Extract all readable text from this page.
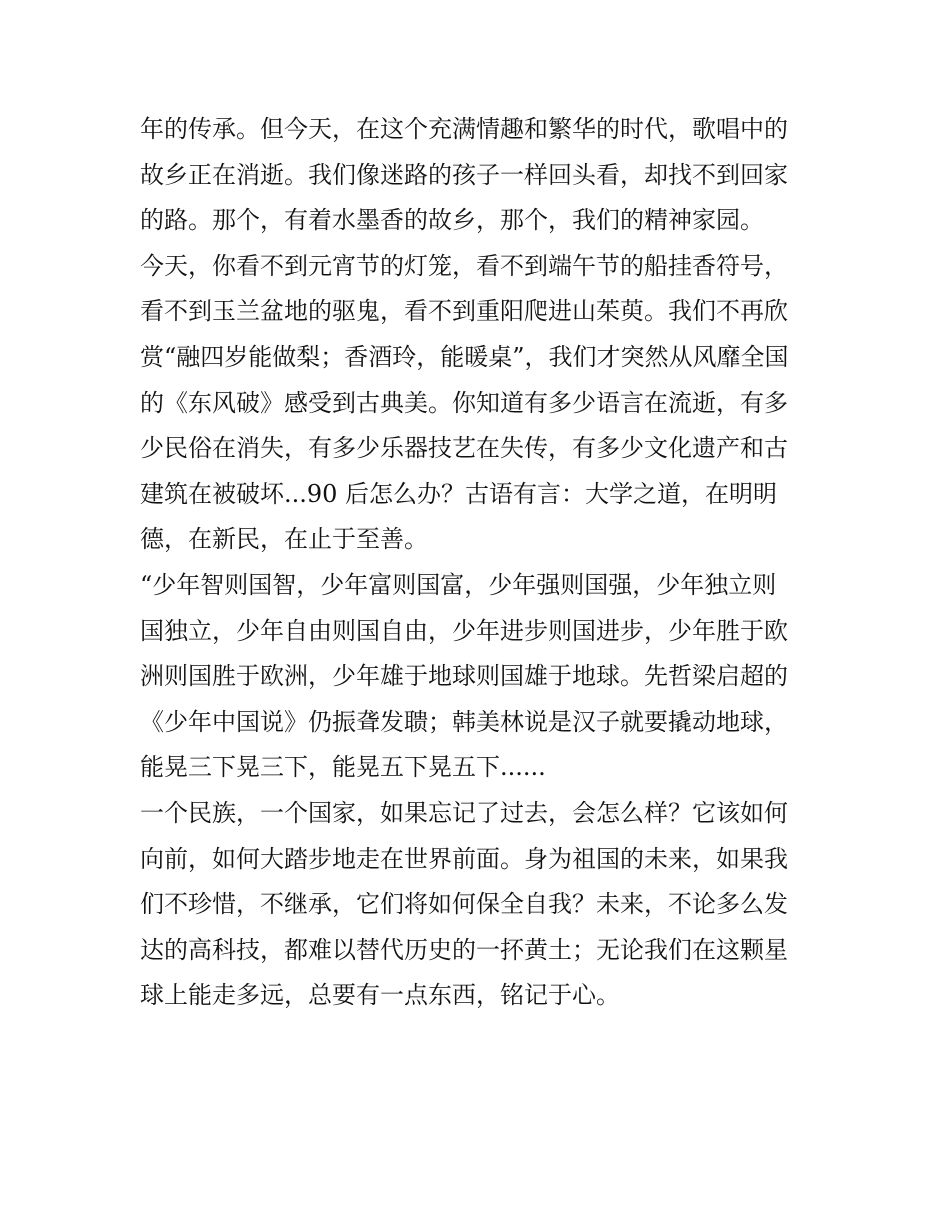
年的传承。但今天，在这个充满情趣和繁华的时代，歌唱中的
故乡正在消逝。我们像迷路的孩子一样回头看，却找不到回家
的路。那个，有着水墨香的故乡，那个，我们的精神家园。
今天，你看不到元宵节的灯笼，看不到端午节的船挂香符号，
看不到玉兰盆地的驱鬼，看不到重阳爬进山茱萸。我们不再欣
赏“融四岁能做梨；香酒玲，能暖桌”，我们才突然从风靡全国
的《东风破》感受到古典美。你知道有多少语言在流逝，有多
少民俗在消失，有多少乐器技艺在失传，有多少文化遗产和古
建筑在被破坏...90 后怎么办？古语有言：大学之道，在明明
德，在新民，在止于至善。
“少年智则国智，少年富则国富，少年强则国强，少年独立则
国独立，少年自由则国自由，少年进步则国进步，少年胜于欧
洲则国胜于欧洲，少年雄于地球则国雄于地球。先哲梁启超的
《少年中国说》仍振聋发聩；韩美林说是汉子就要撬动地球，
能晃三下晃三下，能晃五下晃五下......
一个民族，一个国家，如果忘记了过去，会怎么样？它该如何
向前，如何大踏步地走在世界前面。身为祖国的未来，如果我
们不珍惜，不继承，它们将如何保全自我？未来，不论多么发
达的高科技，都难以替代历史的一抔黄土；无论我们在这颗星
球上能走多远，总要有一点东西，铭记于心。
